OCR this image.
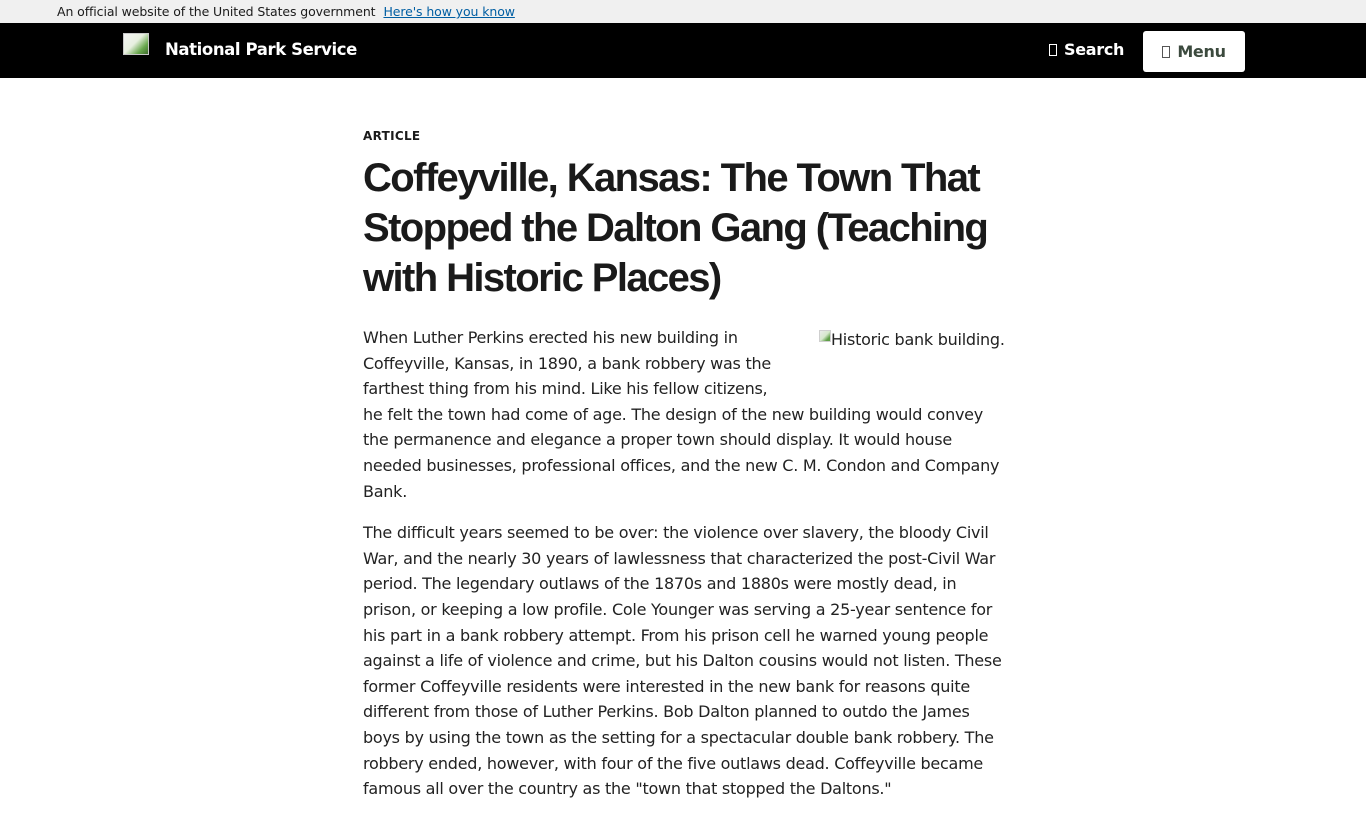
An official website of the United States government Here's how you know
National Park Service	Search	Menu
ARTICLE
Coffeyville, Kansas: The Town That Stopped the Dalton Gang (Teaching with Historic Places)
Historic bank building.

When Luther Perkins erected his new building in Coffeyville, Kansas, in 1890, a bank robbery was the farthest thing from his mind. Like his fellow citizens, he felt the town had come of age. The design of the new building would convey the permanence and elegance a proper town should display. It would house needed businesses, professional offices, and the new C. M. Condon and Company Bank.

The difficult years seemed to be over: the violence over slavery, the bloody Civil War, and the nearly 30 years of lawlessness that characterized the post-Civil War period. The legendary outlaws of the 1870s and 1880s were mostly dead, in prison, or keeping a low profile. Cole Younger was serving a 25-year sentence for his part in a bank robbery attempt. From his prison cell he warned young people against a life of violence and crime, but his Dalton cousins would not listen. These former Coffeyville residents were interested in the new bank for reasons quite different from those of Luther Perkins. Bob Dalton planned to outdo the James boys by using the town as the setting for a spectacular double bank robbery. The robbery ended, however, with four of the five outlaws dead. Coffeyville became famous all over the country as the "town that stopped the Daltons."
